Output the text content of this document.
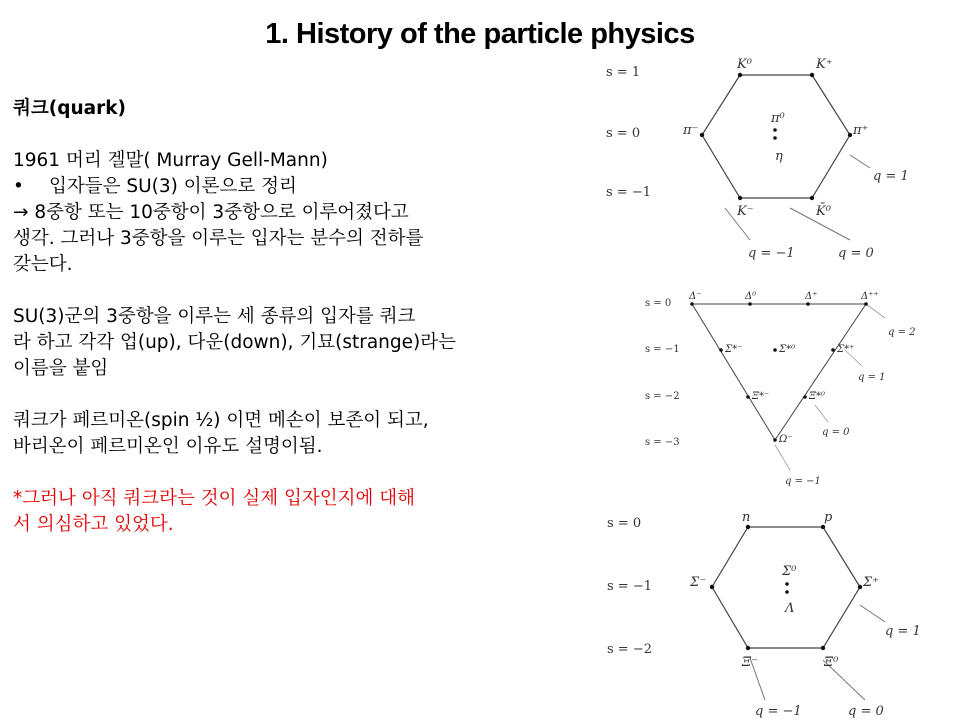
1. History of the particle physics

쿼크(quark)

1961 머리 겔말( Murray Gell-Mann)

•	입자들은 SU(3) 이론으로 정리

→ 8중항 또는 10중항이 3중항으로 이루어졌다고

생각. 그러나 3중항을 이루는 입자는 분수의 전하를

갖는다.

SU(3)군의 3중항을 이루는 세 종류의 입자를 쿼크

라 하고 각각 업(up), 다운(down), 기묘(strange)라는

이름을 붙임

쿼크가 페르미온(spin ½) 이면 메손이 보존이 되고,

바리온이 페르미온인 이유도 설명이됨.

*그러나 아직 쿼크라는 것이 실제 입자인지에 대해

서 의심하고 있었다.

s = 1
s = 0
s = −1
q = 1
q = −1	q = 0
K⁰	K⁺
π⁻	π⁺
π⁰
η
K⁻	K̄⁰
s = 0
s = −1
s = −2
s = −3
q = 2
q = 1
q = 0
q = −1
Δ⁻	Δ⁰	Δ⁺	Δ⁺⁺
Σ*⁻	Σ*⁰	Σ*⁺
Ξ*⁻	Ξ*⁰
Ω⁻
s = 0
s = −1
s = −2
q = 1
q = −1	q = 0
n	p
Σ⁻	Σ⁺
Σ⁰
Λ
Ξ⁻	Ξ⁰
